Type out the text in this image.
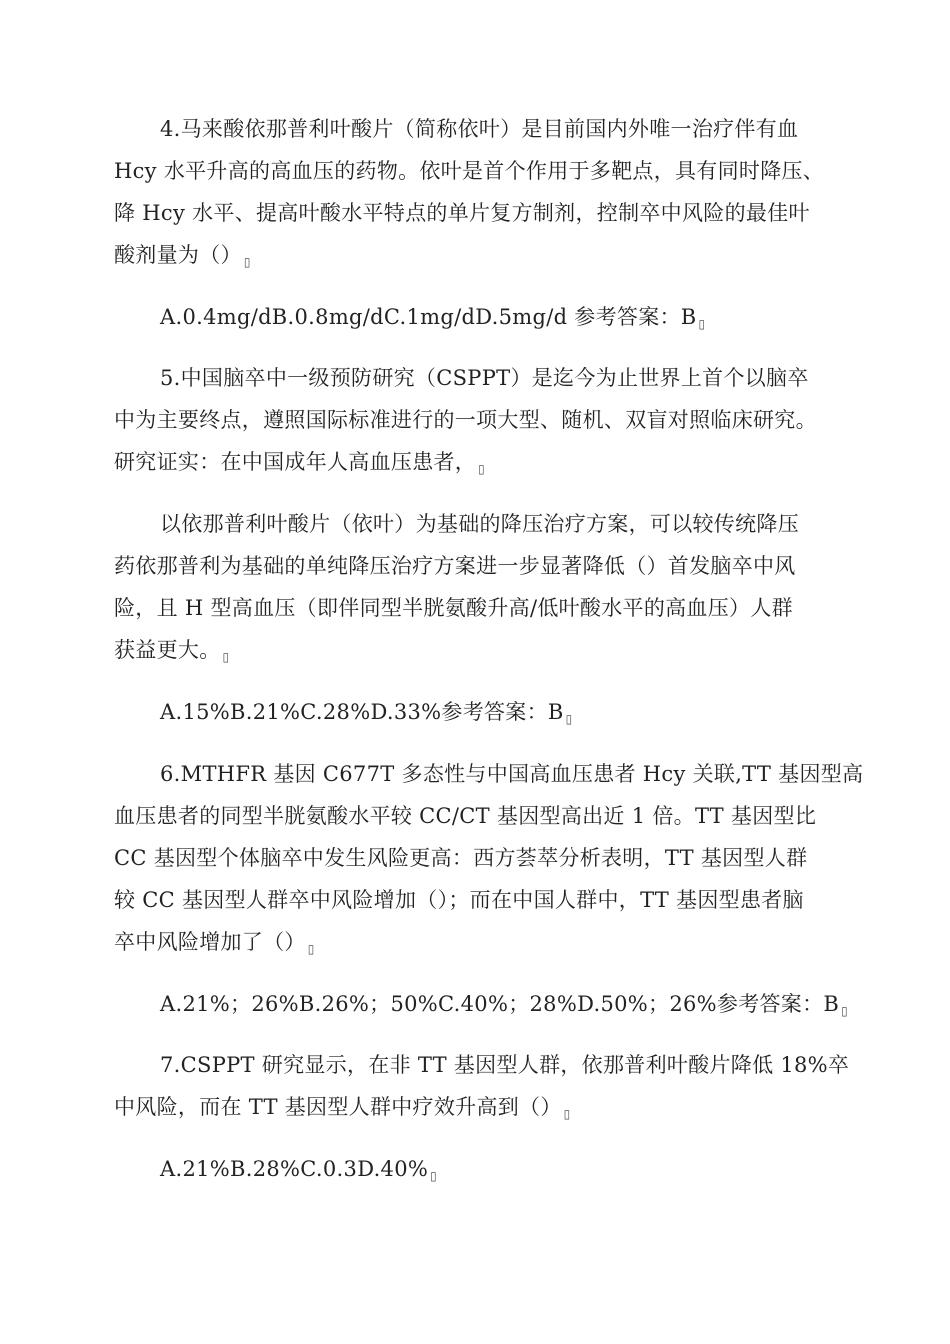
4.马来酸依那普利叶酸片（简称依叶）是目前国内外唯一治疗伴有血
Hcy 水平升高的高血压的药物。依叶是首个作用于多靶点，具有同时降压、
降 Hcy 水平、提高叶酸水平特点的单片复方制剂，控制卒中风险的最佳叶
酸剂量为（） ▯
A.0.4mg/dB.0.8mg/dC.1mg/dD.5mg/d 参考答案：B ▯
5.中国脑卒中一级预防研究（CSPPT）是迄今为止世界上首个以脑卒
中为主要终点，遵照国际标准进行的一项大型、随机、双盲对照临床研究。
研究证实：在中国成年人高血压患者， ▯
以依那普利叶酸片（依叶）为基础的降压治疗方案，可以较传统降压
药依那普利为基础的单纯降压治疗方案进一步显著降低（）首发脑卒中风
险，且 H 型高血压（即伴同型半胱氨酸升高/低叶酸水平的高血压）人群
获益更大。 ▯
A.15%B.21%C.28%D.33%参考答案：B ▯
6.MTHFR 基因 C677T 多态性与中国高血压患者 Hcy 关联,TT 基因型高
血压患者的同型半胱氨酸水平较 CC/CT 基因型高出近 1 倍。TT 基因型比
CC 基因型个体脑卒中发生风险更高：西方荟萃分析表明，TT 基因型人群
较 CC 基因型人群卒中风险增加（）；而在中国人群中，TT 基因型患者脑
卒中风险增加了（） ▯
A.21%；26%B.26%；50%C.40%；28%D.50%；26%参考答案：B ▯
7.CSPPT 研究显示，在非 TT 基因型人群，依那普利叶酸片降低 18%卒
中风险，而在 TT 基因型人群中疗效升高到（） ▯
A.21%B.28%C.0.3D.40% ▯
